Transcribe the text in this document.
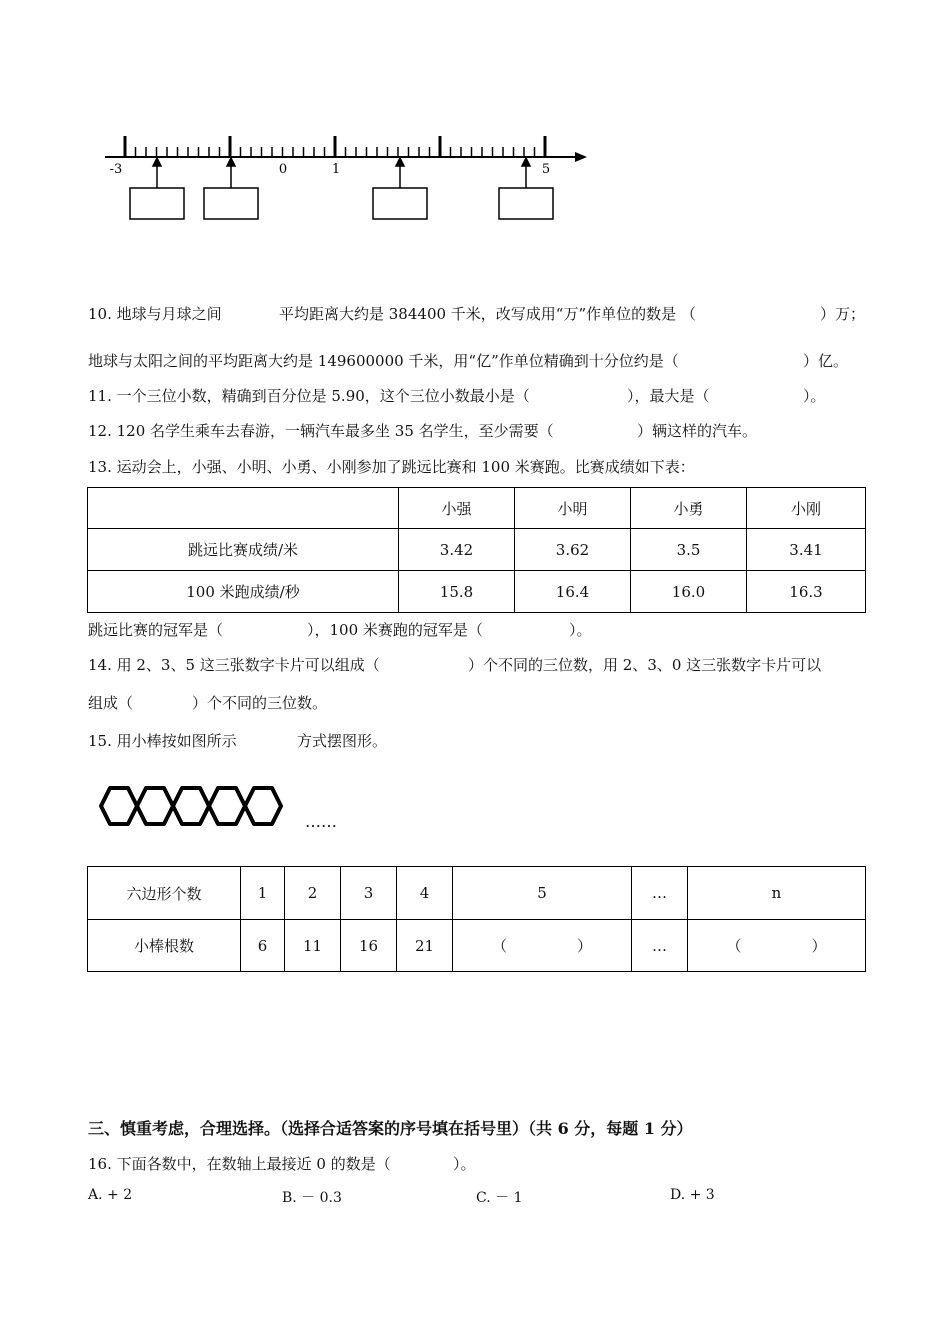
-3	0	1	5
10. 地球与月球之间	平均距离大约是 384400 千米，改写成用“万”作单位的数是 （	）万；
地球与太阳之间的平均距离大约是 149600000 千米，用“亿”作单位精确到十分位约是（	）亿。
11. 一个三位小数，精确到百分位是 5.90，这个三位小数最小是（	），最大是（	）。
12. 120 名学生乘车去春游，一辆汽车最多坐 35 名学生，至少需要（	）辆这样的汽车。
13. 运动会上，小强、小明、小勇、小刚参加了跳远比赛和 100 米赛跑。比赛成绩如下表：
	小强	小明	小勇	小刚
跳远比赛成绩/米	3.42	3.62	3.5	3.41
100 米跑成绩/秒	15.8	16.4	16.0	16.3
跳远比赛的冠军是（	），100 米赛跑的冠军是（	）。
14. 用 2、3、5 这三张数字卡片可以组成（	）个不同的三位数，用 2、3、0 这三张数字卡片可以
组成（	）个不同的三位数。
15. 用小棒按如图所示	方式摆图形。
……
六边形个数	1	2	3	4	5	…	n
小棒根数	6	11	16	21	（ ）	…	（ ）
三、慎重考虑，合理选择。（选择合适答案的序号填在括号里）（共 6 分，每题 1 分）
16. 下面各数中，在数轴上最接近 0 的数是（	）。
A. + 2	B. － 0.3	C. － 1	D. + 3
